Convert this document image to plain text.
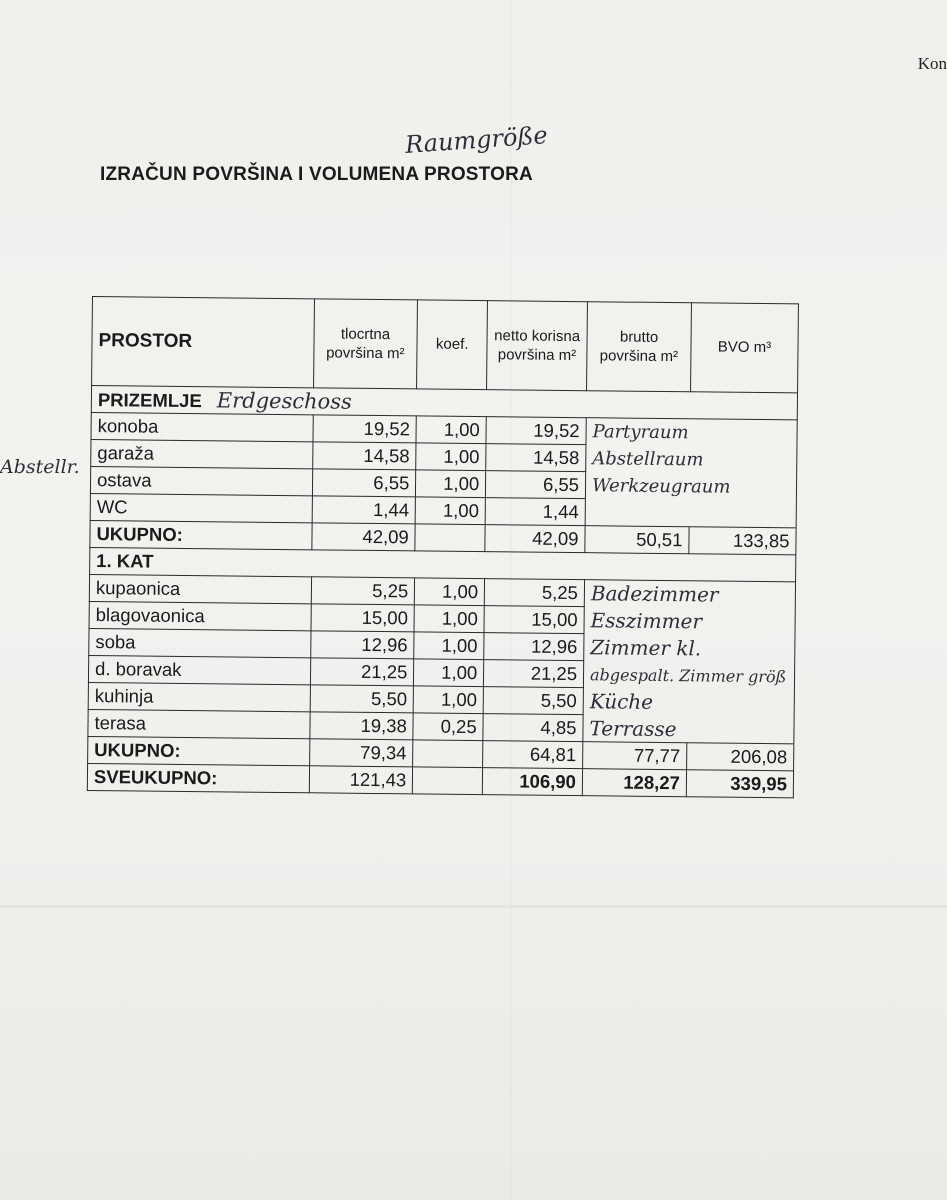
Kon
Raumgröße
IZRAČUN POVRŠINA I VOLUMENA PROSTORA
Abstellr.
PROSTOR	tlocrtna površina m²	koef.	netto korisna površina m²	brutto površina m²	BVO m³
PRIZEMLJE Erdgeschoss					
konoba	19,52	1,00	19,52	Partyraum	
garaža	14,58	1,00	14,58	Abstellraum	
ostava	6,55	1,00	6,55	Werkzeugraum	
WC	1,44	1,00	1,44		
UKUPNO:	42,09		42,09	50,51	133,85
1. KAT					
kupaonica	5,25	1,00	5,25	Badezimmer	
blagovaonica	15,00	1,00	15,00	Esszimmer	
soba	12,96	1,00	12,96	Zimmer kl.	
d. boravak	21,25	1,00	21,25	abgespalt. Zimmer größ	
kuhinja	5,50	1,00	5,50	Küche	
terasa	19,38	0,25	4,85	Terrasse	
UKUPNO:	79,34		64,81	77,77	206,08
SVEUKUPNO:	121,43		106,90	128,27	339,95
